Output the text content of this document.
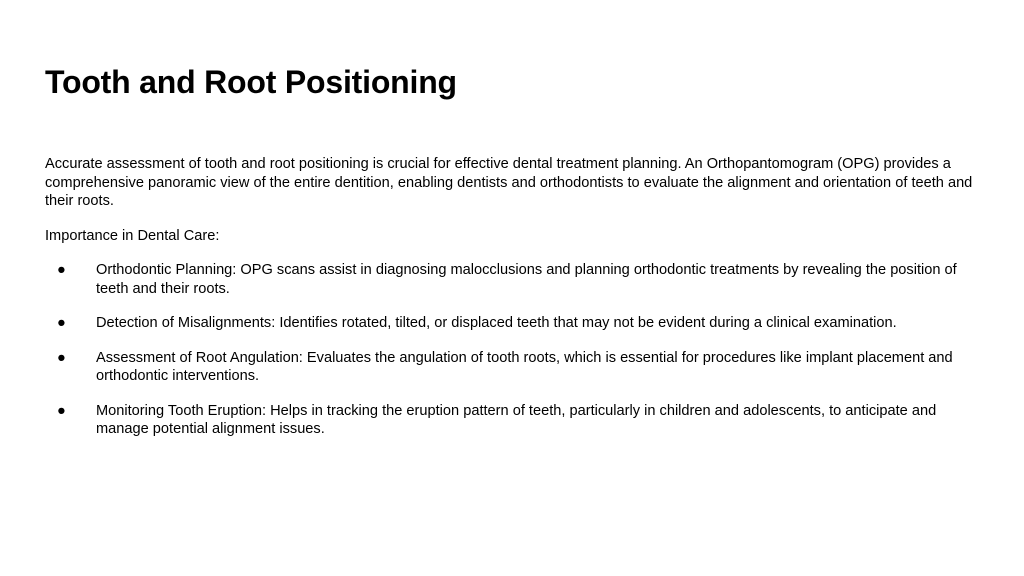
Tooth and Root Positioning

Accurate assessment of tooth and root positioning is crucial for effective dental treatment planning. An Orthopantomogram (OPG) provides a comprehensive panoramic view of the entire dentition, enabling dentists and orthodontists to evaluate the alignment and orientation of teeth and their roots.

Importance in Dental Care:

● Orthodontic Planning: OPG scans assist in diagnosing malocclusions and planning orthodontic treatments by revealing the position of teeth and their roots.
● Detection of Misalignments: Identifies rotated, tilted, or displaced teeth that may not be evident during a clinical examination.
● Assessment of Root Angulation: Evaluates the angulation of tooth roots, which is essential for procedures like implant placement and orthodontic interventions.
● Monitoring Tooth Eruption: Helps in tracking the eruption pattern of teeth, particularly in children and adolescents, to anticipate and manage potential alignment issues.
